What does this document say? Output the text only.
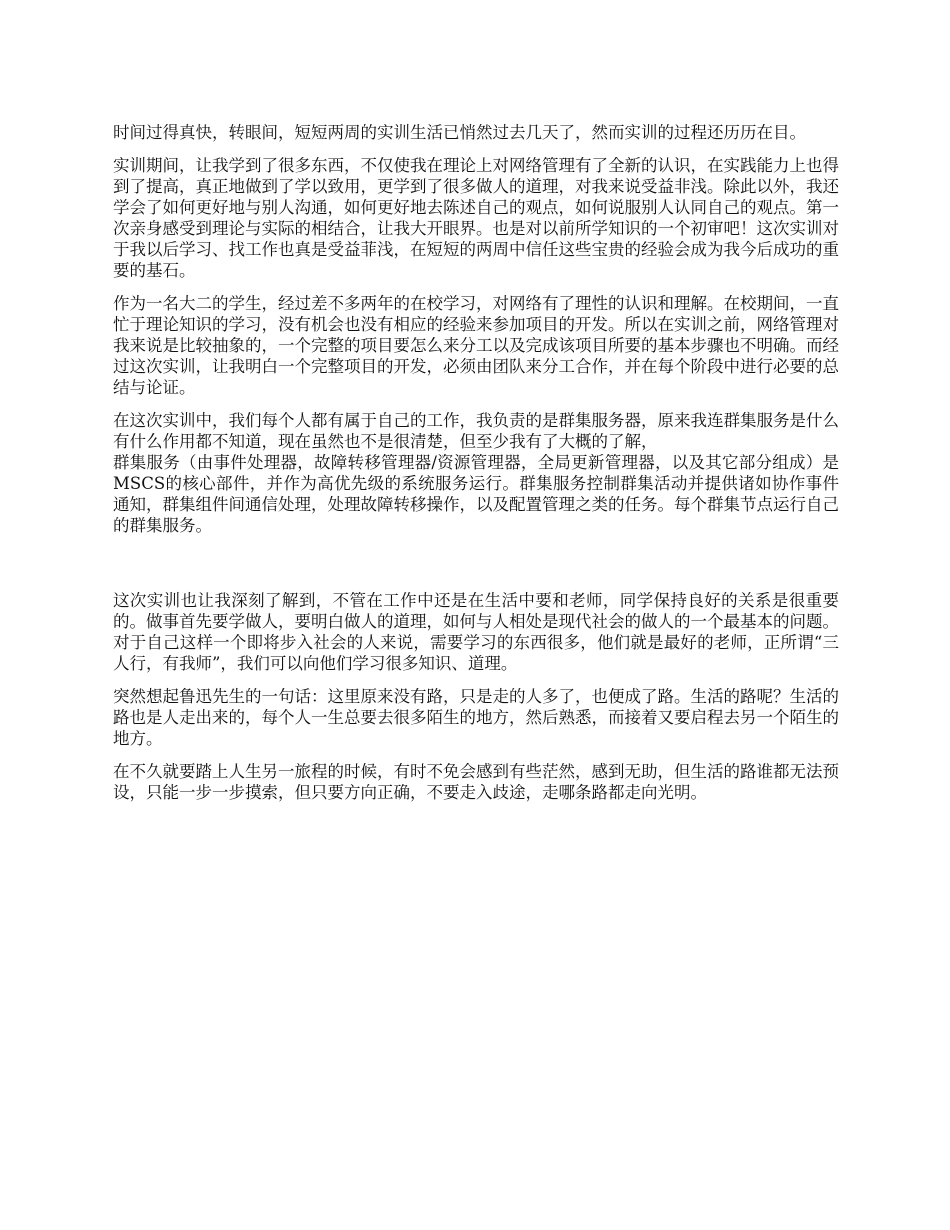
时间过得真快，转眼间，短短两周的实训生活已悄然过去几天了，然而实训的过程还历历在目。

实训期间，让我学到了很多东西，不仅使我在理论上对网络管理有了全新的认识，在实践能力上也得到了提高，真正地做到了学以致用，更学到了很多做人的道理，对我来说受益非浅。除此以外，我还学会了如何更好地与别人沟通，如何更好地去陈述自己的观点，如何说服别人认同自己的观点。第一次亲身感受到理论与实际的相结合，让我大开眼界。也是对以前所学知识的一个初审吧！这次实训对于我以后学习、找工作也真是受益菲浅，在短短的两周中信任这些宝贵的经验会成为我今后成功的重要的基石。

作为一名大二的学生，经过差不多两年的在校学习，对网络有了理性的认识和理解。在校期间，一直忙于理论知识的学习，没有机会也没有相应的经验来参加项目的开发。所以在实训之前，网络管理对我来说是比较抽象的，一个完整的项目要怎么来分工以及完成该项目所要的基本步骤也不明确。而经过这次实训，让我明白一个完整项目的开发，必须由团队来分工合作，并在每个阶段中进行必要的总结与论证。

在这次实训中，我们每个人都有属于自己的工作，我负责的是群集服务器，原来我连群集服务是什么有什么作用都不知道，现在虽然也不是很清楚，但至少我有了大概的了解，
群集服务（由事件处理器，故障转移管理器/资源管理器，全局更新管理器，以及其它部分组成）是MSCS的核心部件，并作为高优先级的系统服务运行。群集服务控制群集活动并提供诸如协作事件通知，群集组件间通信处理，处理故障转移操作，以及配置管理之类的任务。每个群集节点运行自己的群集服务。

这次实训也让我深刻了解到，不管在工作中还是在生活中要和老师，同学保持良好的关系是很重要的。做事首先要学做人，要明白做人的道理，如何与人相处是现代社会的做人的一个最基本的问题。对于自己这样一个即将步入社会的人来说，需要学习的东西很多，他们就是最好的老师，正所谓“三人行，有我师”，我们可以向他们学习很多知识、道理。

突然想起鲁迅先生的一句话：这里原来没有路，只是走的人多了，也便成了路。生活的路呢？生活的路也是人走出来的，每个人一生总要去很多陌生的地方，然后熟悉，而接着又要启程去另一个陌生的地方。

在不久就要踏上人生另一旅程的时候，有时不免会感到有些茫然，感到无助，但生活的路谁都无法预设，只能一步一步摸索，但只要方向正确，不要走入歧途，走哪条路都走向光明。
